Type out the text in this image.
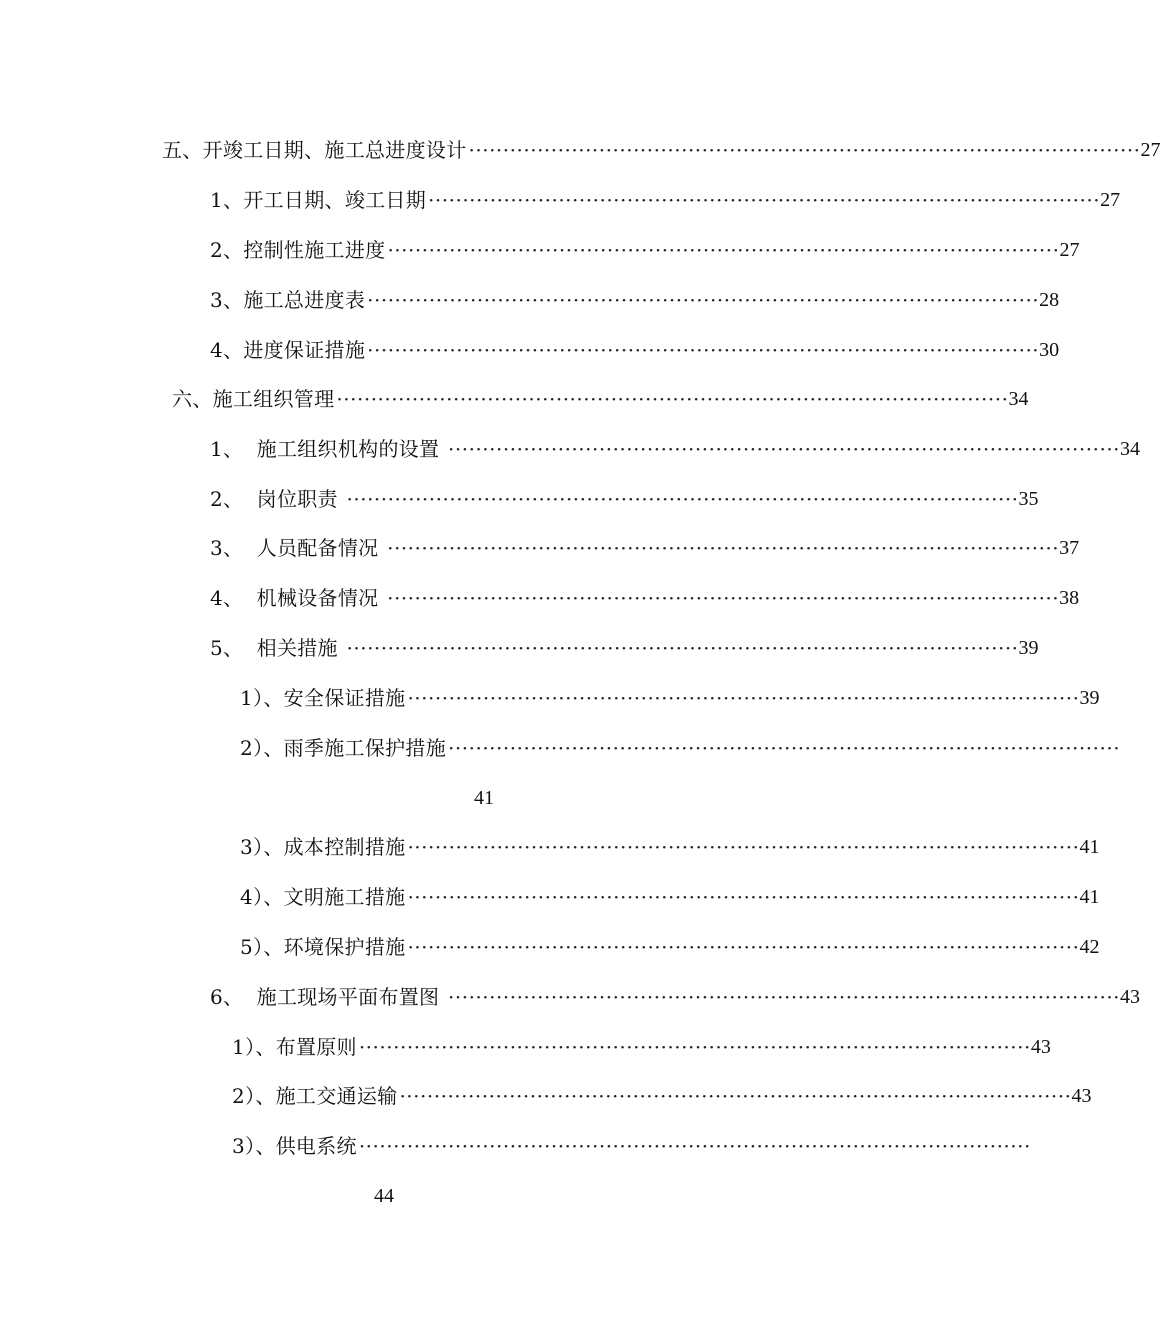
五、开竣工日期、施工总进度设计 ·································································································· 27
1、开工日期、竣工日期 ·································································································· 27
2、控制性施工进度 ·································································································· 27
3、施工总进度表 ·································································································· 28
4、进度保证措施 ·································································································· 30
六、施工组织管理 ·································································································· 34
1、  施工组织机构的设置 ·································································································· 34
2、  岗位职责 ·································································································· 35
3、  人员配备情况 ·································································································· 37
4、  机械设备情况 ·································································································· 38
5、  相关措施 ·································································································· 39
1）、安全保证措施 ·································································································· 39
2）、雨季施工保护措施 ··································································································
41
3）、成本控制措施 ·································································································· 41
4）、文明施工措施 ·································································································· 41
5）、环境保护措施 ·································································································· 42
6、  施工现场平面布置图 ·································································································· 43
1）、布置原则 ·································································································· 43
2）、施工交通运输 ·································································································· 43
3）、供电系统 ··································································································
44
